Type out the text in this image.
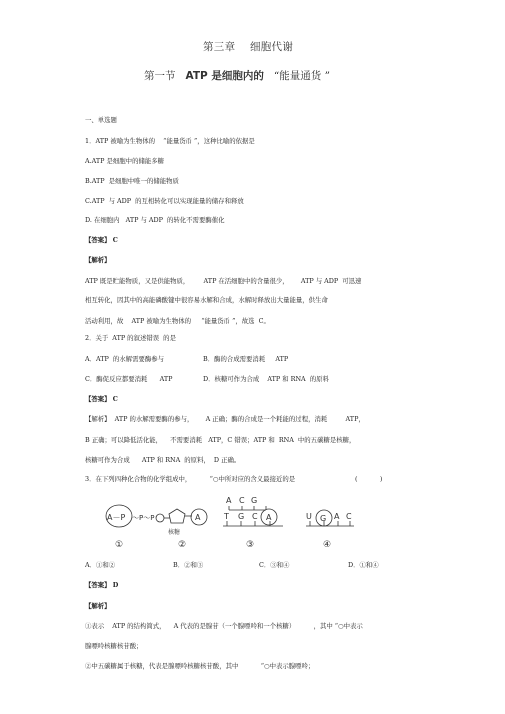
第三章    细胞代谢
第一节 ATP 是细胞内的 “能量通货 ”
一、单选题
1．ATP 被喻为生物体的    “能量货币 ”，这种比喻的依据是
A.ATP 是细胞中的储能多糖
B.ATP  是细胞中唯一的储能物质
C.ATP  与 ADP  的互相转化可以实现能量的储存和释放
D. 在细胞内   ATP 与 ADP  的转化不需要酶催化
【答案】 C
【解析】
ATP 既是贮能物质，又是供能物质，       ATP 在活细胞中的含量很少，      ATP 与 ADP  可迅速
相互转化，因其中的高能磷酸键中很容易水解和合成，水解时释放出大量能量，供生命
活动利用，故    ATP 被喻为生物体的     “能量货币 ”，故选  C。
2．关于  ATP 的叙述错误  的是
A．ATP  的水解需要酶参与	B．酶的合成需要消耗     ATP
C．酶促反应都要消耗      ATP	D．核糖可作为合成    ATP 和 RNA  的原料
【答案】 C
【解析】  ATP 的水解需要酶的参与，      A 正确；酶的合成是一个耗能的过程，消耗         ATP，
B 正确；可以降低活化能，    不需要消耗   ATP，C 错误；ATP 和  RNA  中的五碳糖是核糖，
核糖可作为合成      ATP 和 RNA  的原料，  D 正确。
3．在下列四种化合物的化学组成中，         “○中所对应的含义最接近的是	(           )
A－P ～P～P	A
核糖
A C G
T G C A	U G A C
①	②	③	④
A．①和②	B．②和③	C．③和④	D．①和④
【答案】 D
【解析】
①表示    ATP 的结构简式，    A 代表的是腺苷（一个腺嘌呤和一个核糖）         ，其中 “○中表示
腺嘌呤核糖核苷酸；
②中五碳糖属于核糖，代表是腺嘌呤核糖核苷酸，其中           “○中表示腺嘌呤；
